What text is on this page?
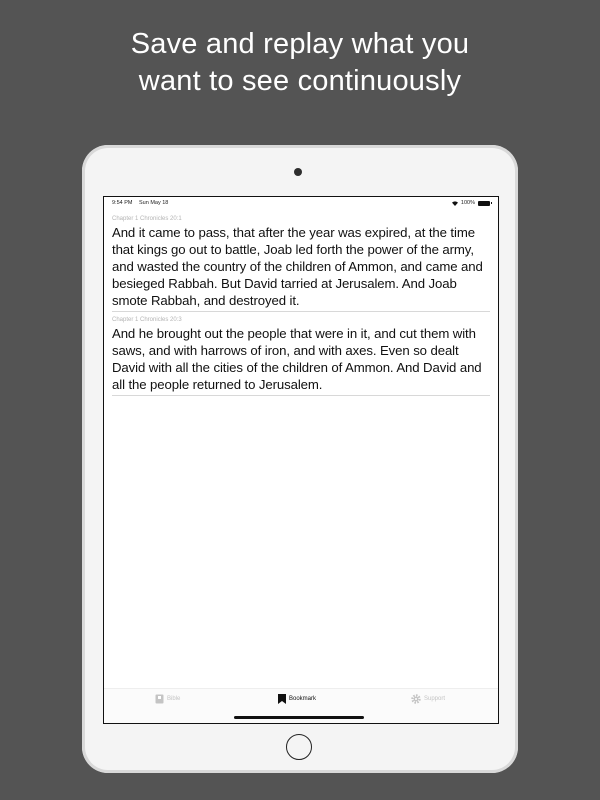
Save and replay what you
want to see continuously
9:54 PM Sun May 18	100%
Chapter 1 Chronicles 20:1
And it came to pass, that after the year was expired, at the time that kings go out to battle, Joab led forth the power of the army, and wasted the country of the children of Ammon, and came and besieged Rabbah. But David tarried at Jerusalem. And Joab smote Rabbah, and destroyed it.
Chapter 1 Chronicles 20:3
And he brought out the people that were in it, and cut them with saws, and with harrows of iron, and with axes. Even so dealt David with all the cities of the children of Ammon. And David and all the people returned to Jerusalem.
Bible	Bookmark	Support
